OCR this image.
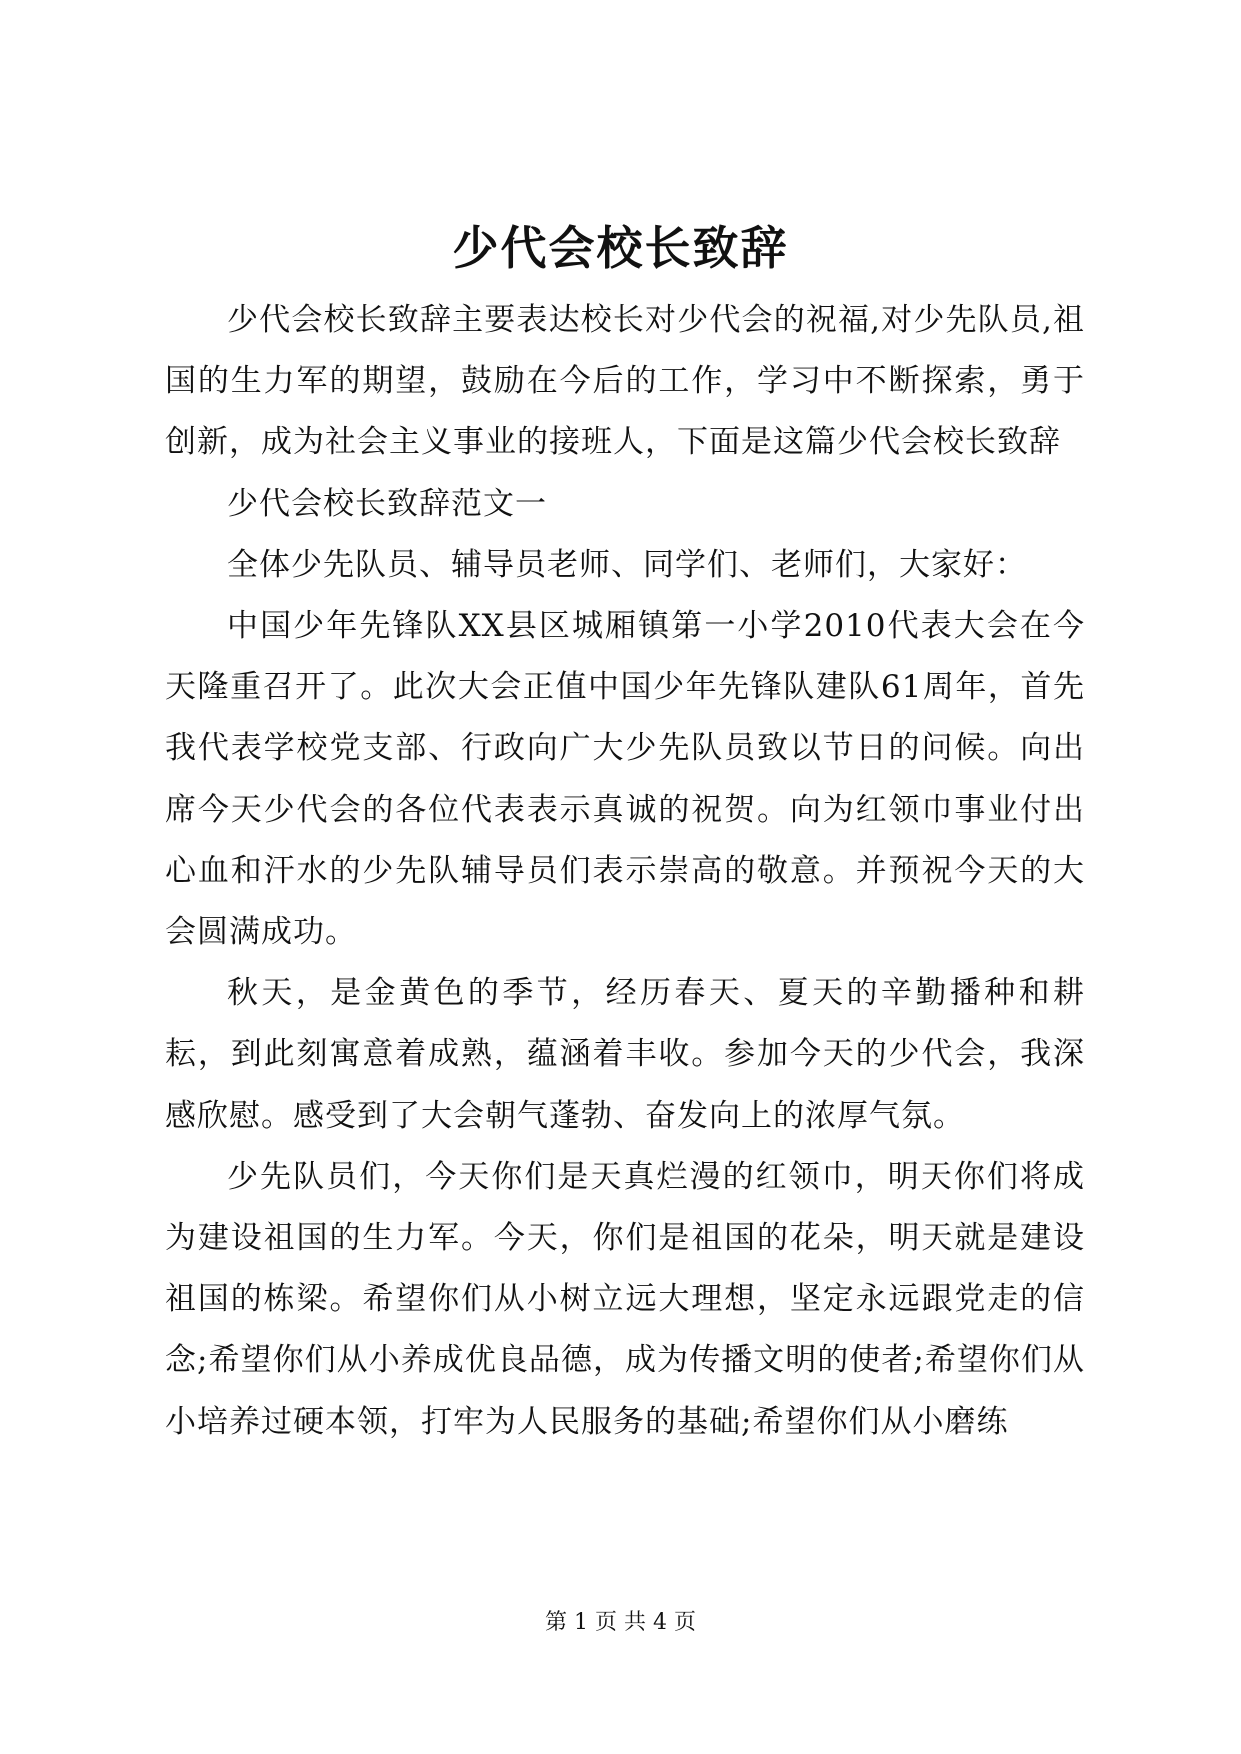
少代会校长致辞

少代会校长致辞主要表达校长对少代会的祝福,对少先队员,祖国的生力军的期望，鼓励在今后的工作，学习中不断探索，勇于创新，成为社会主义事业的接班人，下面是这篇少代会校长致辞

少代会校长致辞范文一

全体少先队员、辅导员老师、同学们、老师们，大家好：

中国少年先锋队XX县区城厢镇第一小学2010代表大会在今天隆重召开了。此次大会正值中国少年先锋队建队61周年，首先我代表学校党支部、行政向广大少先队员致以节日的问候。向出席今天少代会的各位代表表示真诚的祝贺。向为红领巾事业付出心血和汗水的少先队辅导员们表示崇高的敬意。并预祝今天的大会圆满成功。

秋天，是金黄色的季节，经历春天、夏天的辛勤播种和耕耘，到此刻寓意着成熟，蕴涵着丰收。参加今天的少代会，我深感欣慰。感受到了大会朝气蓬勃、奋发向上的浓厚气氛。

少先队员们，今天你们是天真烂漫的红领巾，明天你们将成为建设祖国的生力军。今天，你们是祖国的花朵，明天就是建设祖国的栋梁。希望你们从小树立远大理想，坚定永远跟党走的信念;希望你们从小养成优良品德，成为传播文明的使者;希望你们从小培养过硬本领，打牢为人民服务的基础;希望你们从小磨练

第 1 页 共 4 页
